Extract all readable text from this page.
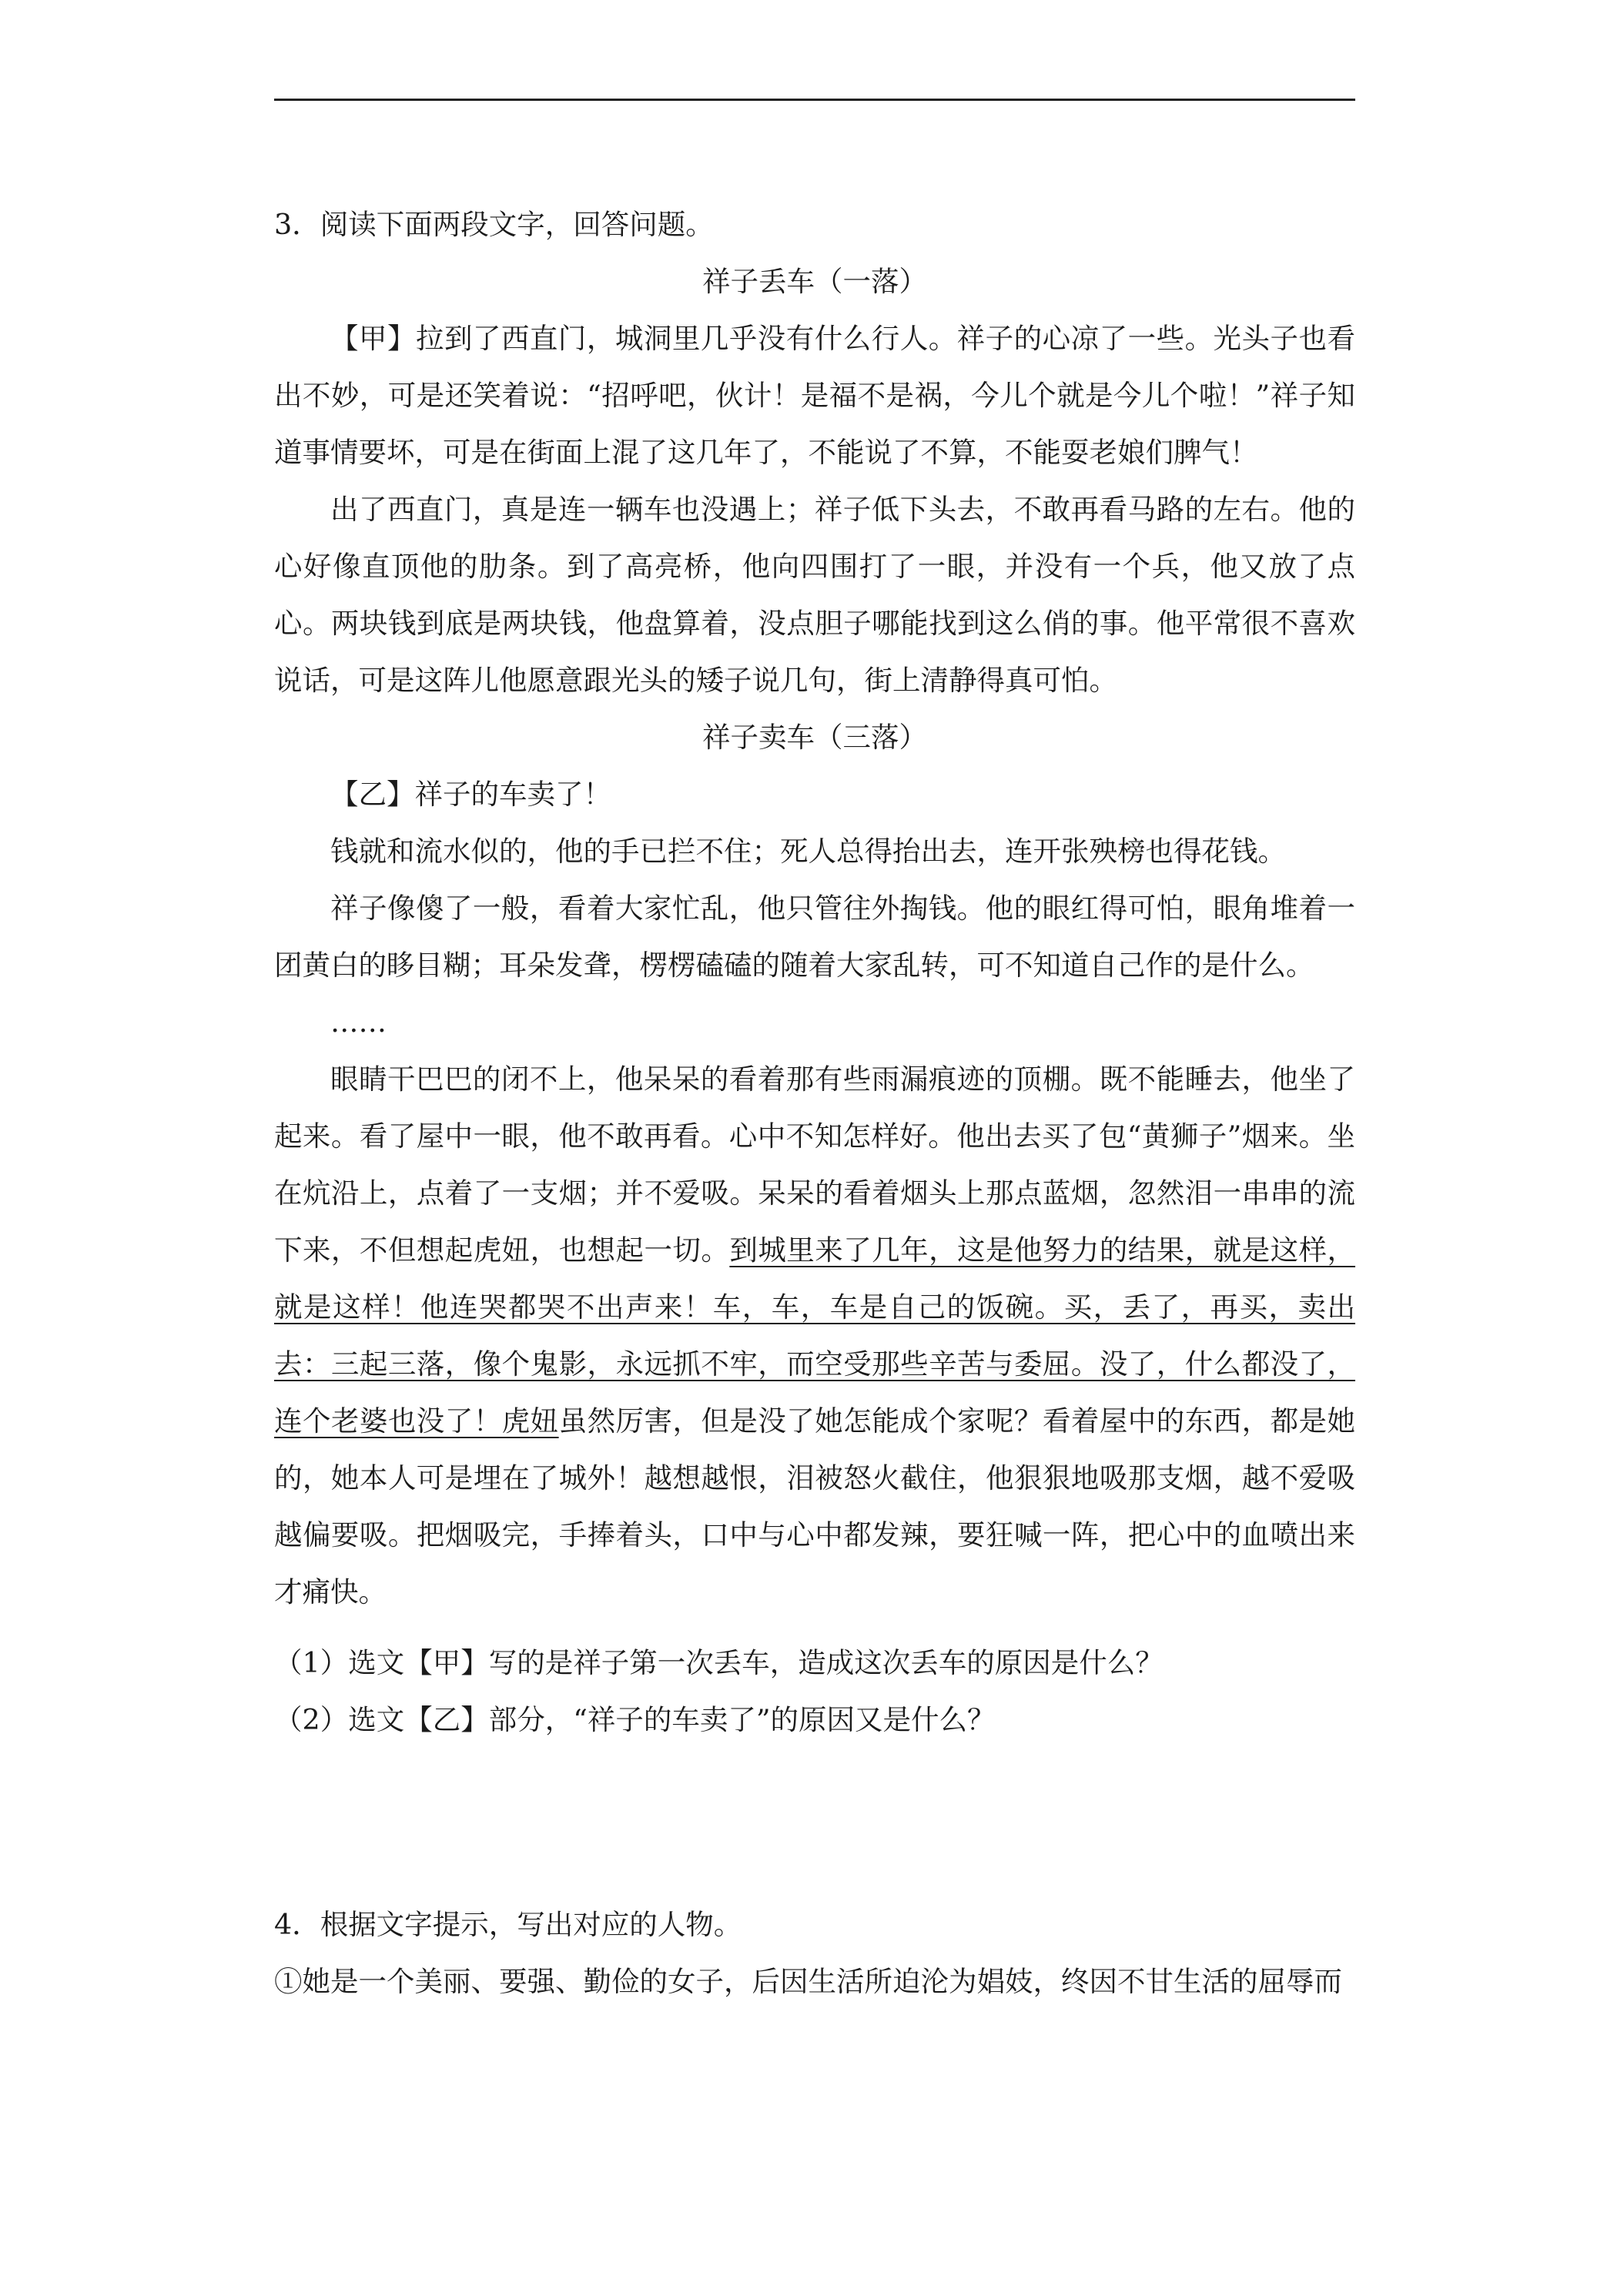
3．阅读下面两段文字，回答问题。

祥子丢车（一落）

【甲】拉到了西直门，城洞里几乎没有什么行人。祥子的心凉了一些。光头子也看出不妙，可是还笑着说：“招呼吧，伙计！是福不是祸，今儿个就是今儿个啦！”祥子知道事情要坏，可是在街面上混了这几年了，不能说了不算，不能耍老娘们脾气！

出了西直门，真是连一辆车也没遇上；祥子低下头去，不敢再看马路的左右。他的心好像直顶他的肋条。到了高亮桥，他向四围打了一眼，并没有一个兵，他又放了点心。两块钱到底是两块钱，他盘算着，没点胆子哪能找到这么俏的事。他平常很不喜欢说话，可是这阵儿他愿意跟光头的矮子说几句，街上清静得真可怕。

祥子卖车（三落）

【乙】祥子的车卖了！

钱就和流水似的，他的手已拦不住；死人总得抬出去，连开张殃榜也得花钱。

祥子像傻了一般，看着大家忙乱，他只管往外掏钱。他的眼红得可怕，眼角堆着一团黄白的眵目糊；耳朵发聋，楞楞磕磕的随着大家乱转，可不知道自己作的是什么。

……

眼睛干巴巴的闭不上，他呆呆的看着那有些雨漏痕迹的顶棚。既不能睡去，他坐了起来。看了屋中一眼，他不敢再看。心中不知怎样好。他出去买了包“黄狮子”烟来。坐在炕沿上，点着了一支烟；并不爱吸。呆呆的看着烟头上那点蓝烟，忽然泪一串串的流下来，不但想起虎妞，也想起一切。到城里来了几年，这是他努力的结果，就是这样，就是这样！他连哭都哭不出声来！车，车，车是自己的饭碗。买，丢了，再买，卖出去：三起三落，像个鬼影，永远抓不牢，而空受那些辛苦与委屈。没了，什么都没了，连个老婆也没了！虎妞虽然厉害，但是没了她怎能成个家呢？看着屋中的东西，都是她的，她本人可是埋在了城外！越想越恨，泪被怒火截住，他狠狠地吸那支烟，越不爱吸越偏要吸。把烟吸完，手捧着头，口中与心中都发辣，要狂喊一阵，把心中的血喷出来才痛快。

（1）选文【甲】写的是祥子第一次丢车，造成这次丢车的原因是什么？

（2）选文【乙】部分，“祥子的车卖了”的原因又是什么？

4．根据文字提示，写出对应的人物。

①她是一个美丽、要强、勤俭的女子，后因生活所迫沦为娼妓，终因不甘生活的屈辱而
